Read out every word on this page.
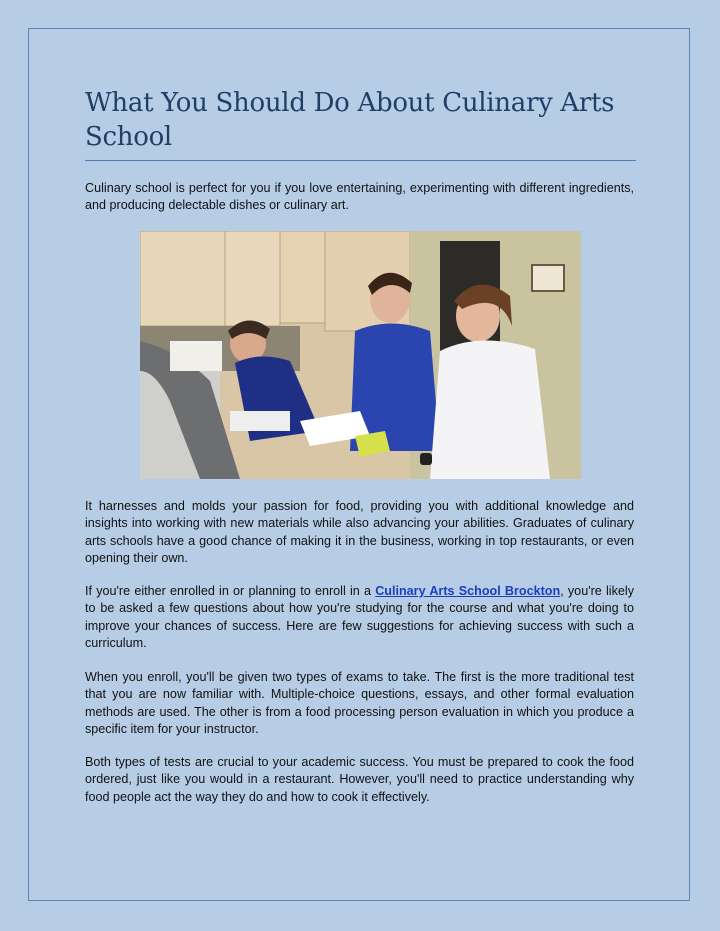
What You Should Do About Culinary Arts School

Culinary school is perfect for you if you love entertaining, experimenting with different ingredients, and producing delectable dishes or culinary art.

It harnesses and molds your passion for food, providing you with additional knowledge and insights into working with new materials while also advancing your abilities. Graduates of culinary arts schools have a good chance of making it in the business, working in top restaurants, or even opening their own.

If you're either enrolled in or planning to enroll in a Culinary Arts School Brockton, you're likely to be asked a few questions about how you're studying for the course and what you're doing to improve your chances of success. Here are few suggestions for achieving success with such a curriculum.

When you enroll, you'll be given two types of exams to take. The first is the more traditional test that you are now familiar with. Multiple-choice questions, essays, and other formal evaluation methods are used. The other is from a food processing person evaluation in which you produce a specific item for your instructor.

Both types of tests are crucial to your academic success. You must be prepared to cook the food ordered, just like you would in a restaurant. However, you'll need to practice understanding why food people act the way they do and how to cook it effectively.
